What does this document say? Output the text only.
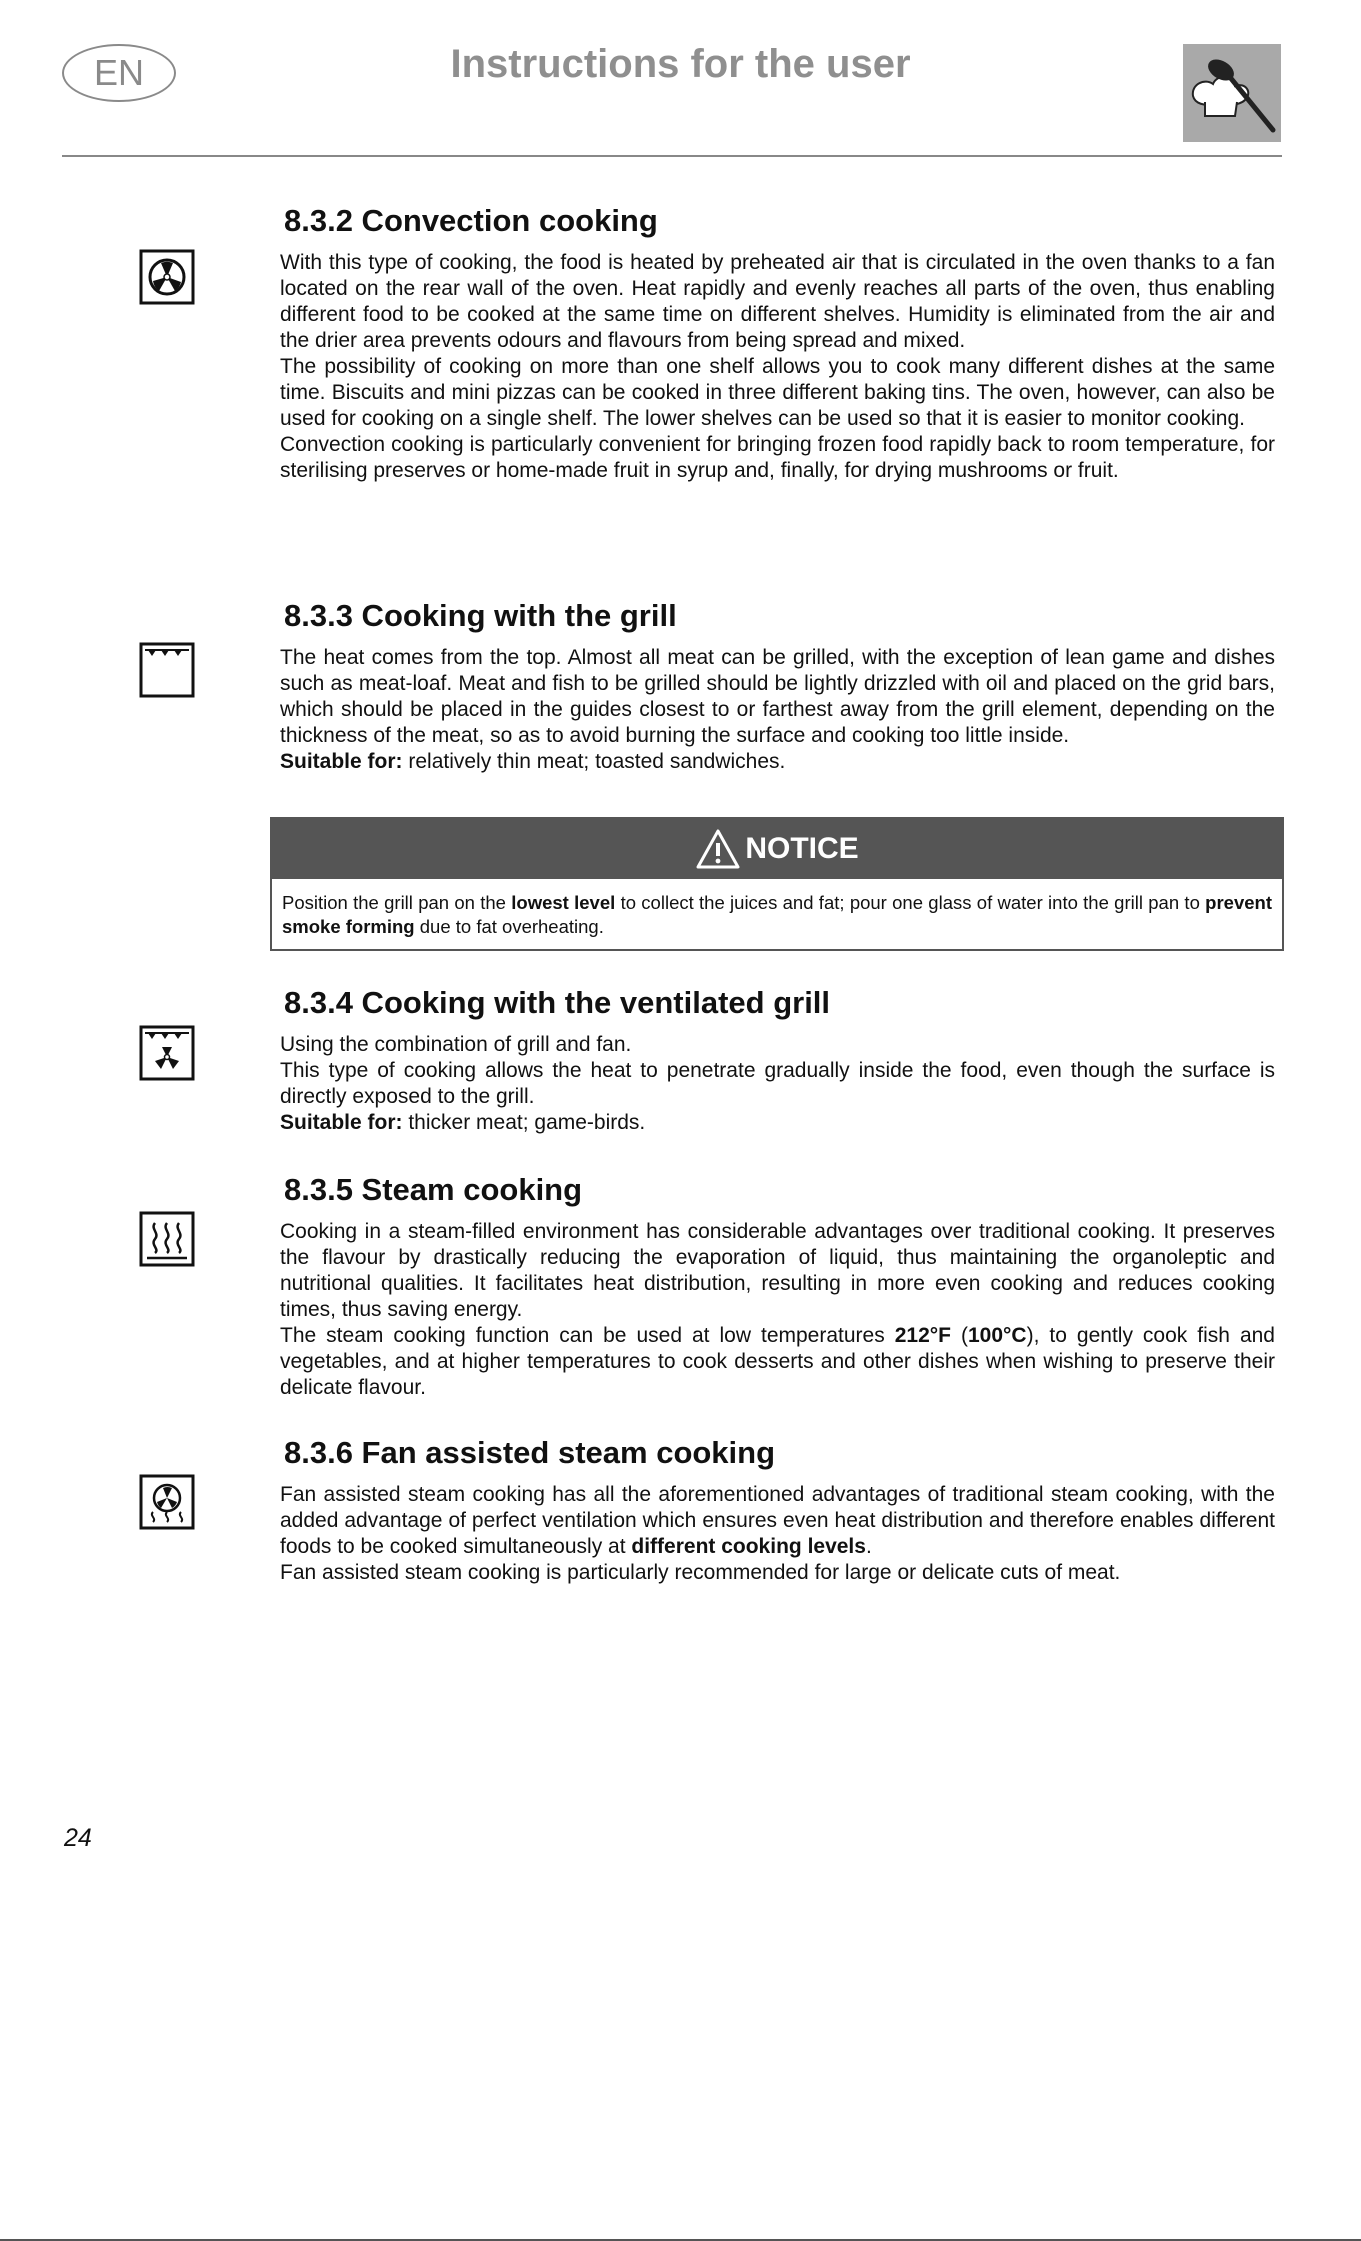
EN	Instructions for the user
8.3.2 Convection cooking

With this type of cooking, the food is heated by preheated air that is circulated in the oven thanks to a fan located on the rear wall of the oven. Heat rapidly and evenly reaches all parts of the oven, thus enabling different food to be cooked at the same time on different shelves. Humidity is eliminated from the air and the drier area prevents odours and flavours from being spread and mixed.

The possibility of cooking on more than one shelf allows you to cook many different dishes at the same time. Biscuits and mini pizzas can be cooked in three different baking tins. The oven, however, can also be used for cooking on a single shelf. The lower shelves can be used so that it is easier to monitor cooking.

Convection cooking is particularly convenient for bringing frozen food rapidly back to room temperature, for sterilising preserves or home-made fruit in syrup and, finally, for drying mushrooms or fruit.

8.3.3 Cooking with the grill

The heat comes from the top. Almost all meat can be grilled, with the exception of lean game and dishes such as meat-loaf. Meat and fish to be grilled should be lightly drizzled with oil and placed on the grid bars, which should be placed in the guides closest to or farthest away from the grill element, depending on the thickness of the meat, so as to avoid burning the surface and cooking too little inside.

Suitable for: relatively thin meat; toasted sandwiches.

NOTICE
Position the grill pan on the lowest level to collect the juices and fat; pour one glass of water into the grill pan to prevent smoke forming due to fat overheating.
8.3.4 Cooking with the ventilated grill

Using the combination of grill and fan.

This type of cooking allows the heat to penetrate gradually inside the food, even though the surface is directly exposed to the grill.

Suitable for: thicker meat; game-birds.

8.3.5 Steam cooking

Cooking in a steam-filled environment has considerable advantages over traditional cooking. It preserves the flavour by drastically reducing the evaporation of liquid, thus maintaining the organoleptic and nutritional qualities. It facilitates heat distribution, resulting in more even cooking and reduces cooking times, thus saving energy.

The steam cooking function can be used at low temperatures 212°F (100°C), to gently cook fish and vegetables, and at higher temperatures to cook desserts and other dishes when wishing to preserve their delicate flavour.

8.3.6 Fan assisted steam cooking

Fan assisted steam cooking has all the aforementioned advantages of traditional steam cooking, with the added advantage of perfect ventilation which ensures even heat distribution and therefore enables different foods to be cooked simultaneously at different cooking levels.

Fan assisted steam cooking is particularly recommended for large or delicate cuts of meat.

24
